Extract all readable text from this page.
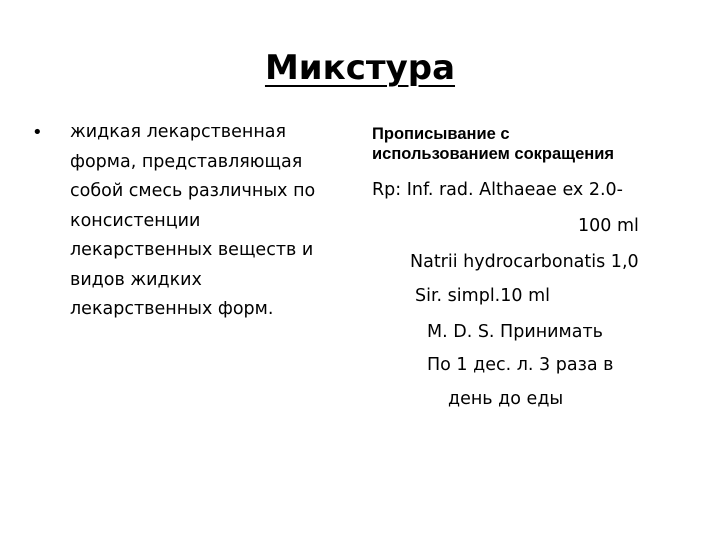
Микстура
• жидкая лекарственная
форма, представляющая
собой смесь различных по
консистенции
лекарственных веществ и
видов жидких
лекарственных форм.
Прописывание с
использованием сокращения
Rp: Inf. rad. Althaeae ex 2.0-
100 ml
Natrii hydrocarbonatis 1,0
Sir. simpl.10 ml
M. D. S. Принимать
По 1 дес. л. 3 раза в
день до еды
